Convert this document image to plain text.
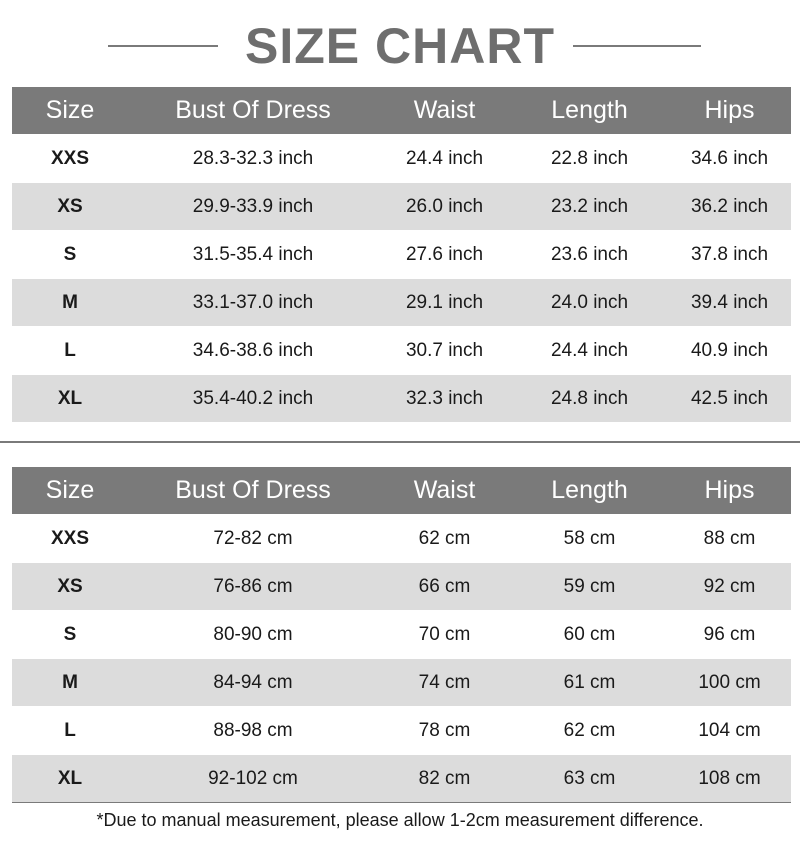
SIZE CHART
Size	Bust Of Dress	Waist	Length	Hips
XXS	28.3-32.3 inch	24.4 inch	22.8 inch	34.6 inch
XS	29.9-33.9 inch	26.0 inch	23.2 inch	36.2 inch
S	31.5-35.4 inch	27.6 inch	23.6 inch	37.8 inch
M	33.1-37.0 inch	29.1 inch	24.0 inch	39.4 inch
L	34.6-38.6 inch	30.7 inch	24.4 inch	40.9 inch
XL	35.4-40.2 inch	32.3 inch	24.8 inch	42.5 inch
Size	Bust Of Dress	Waist	Length	Hips
XXS	72-82 cm	62 cm	58 cm	88 cm
XS	76-86 cm	66 cm	59 cm	92 cm
S	80-90 cm	70 cm	60 cm	96 cm
M	84-94 cm	74 cm	61 cm	100 cm
L	88-98 cm	78 cm	62 cm	104 cm
XL	92-102 cm	82 cm	63 cm	108 cm
*Due to manual measurement, please allow 1-2cm measurement difference.
